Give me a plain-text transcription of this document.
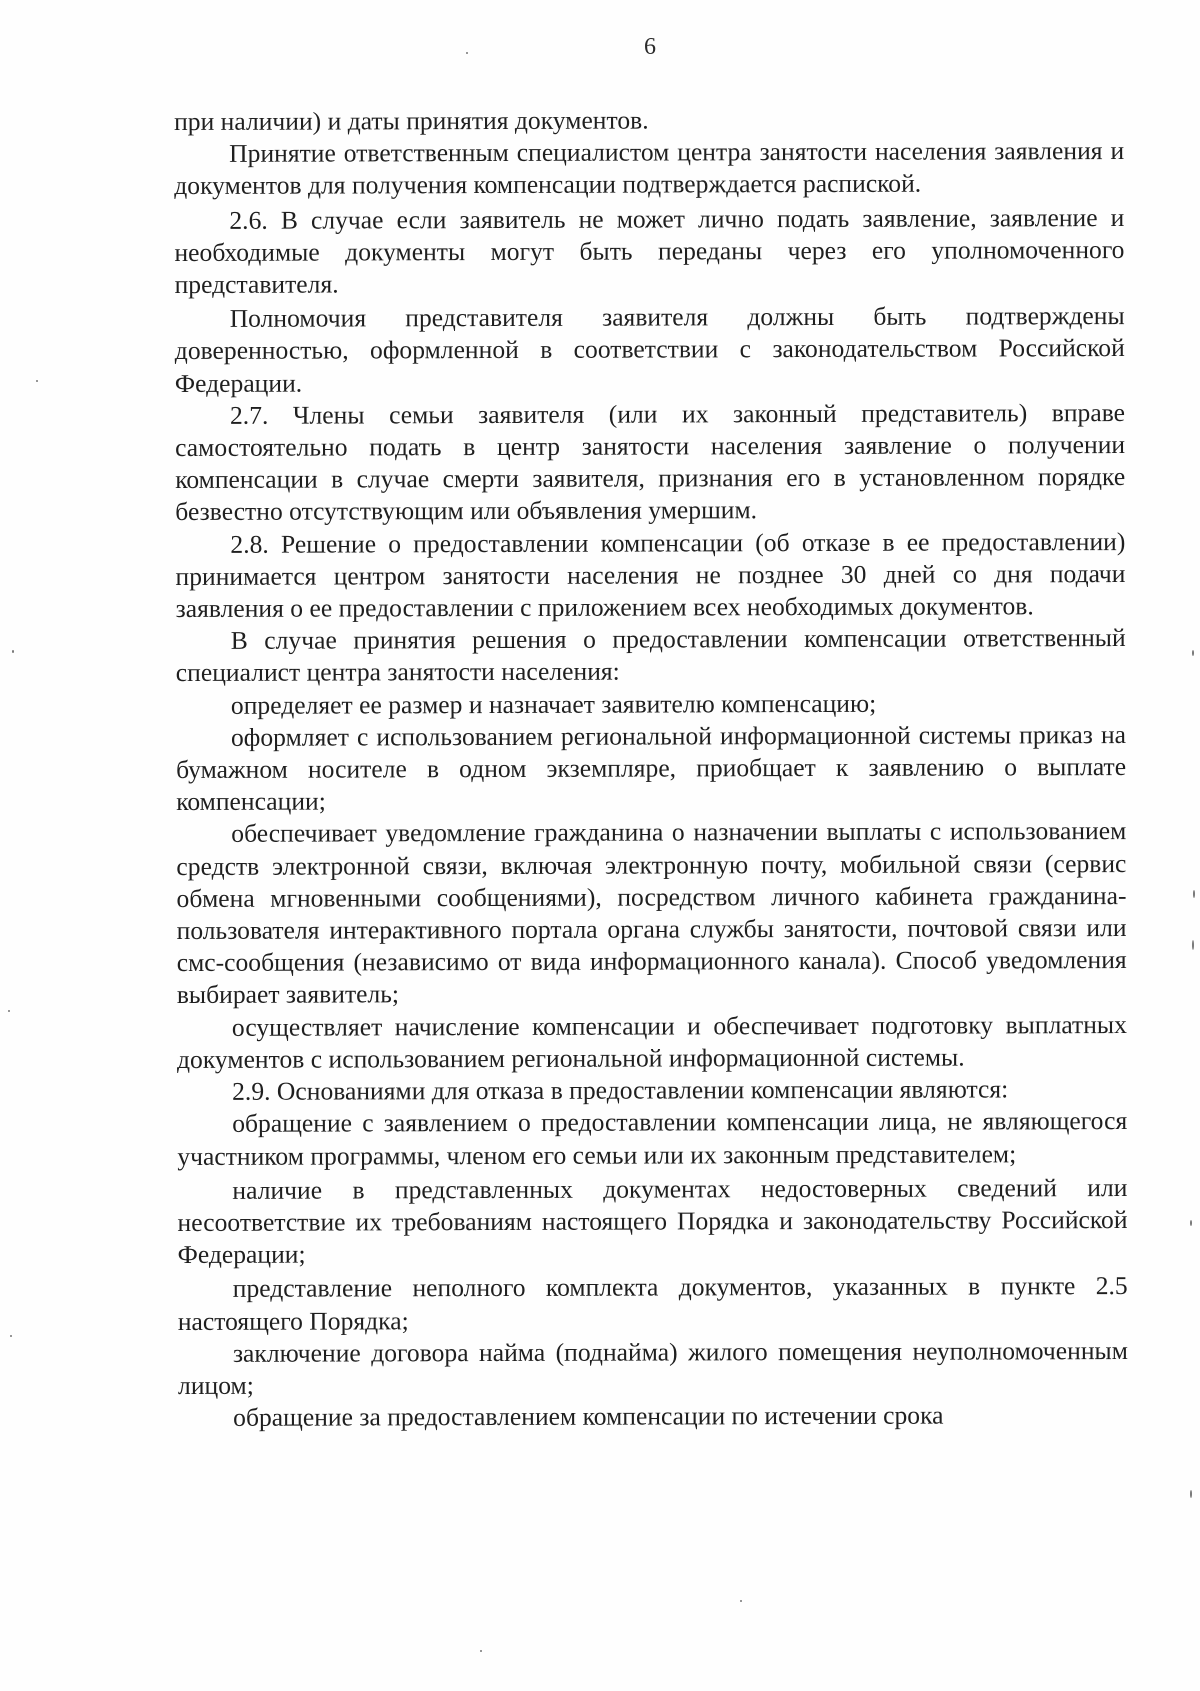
6

при наличии) и даты принятия документов.

Принятие ответственным специалистом центра занятости населения заявления и документов для получения компенсации подтверждается распиской.

2.6. В случае если заявитель не может лично подать заявление, заявление и необходимые документы могут быть переданы через его уполномоченного представителя.

Полномочия представителя заявителя должны быть подтверждены доверенностью, оформленной в соответствии с законодательством Российской Федерации.

2.7. Члены семьи заявителя (или их законный представитель) вправе самостоятельно подать в центр занятости населения заявление о получении компенсации в случае смерти заявителя, признания его в установленном порядке безвестно отсутствующим или объявления умершим.

2.8. Решение о предоставлении компенсации (об отказе в ее предоставлении) принимается центром занятости населения не позднее 30 дней со дня подачи заявления о ее предоставлении с приложением всех необходимых документов.

В случае принятия решения о предоставлении компенсации ответственный специалист центра занятости населения:

определяет ее размер и назначает заявителю компенсацию;

оформляет с использованием региональной информационной системы приказ на бумажном носителе в одном экземпляре, приобщает к заявлению о выплате компенсации;

обеспечивает уведомление гражданина о назначении выплаты с использованием средств электронной связи, включая электронную почту, мобильной связи (сервис обмена мгновенными сообщениями), посредством личного кабинета гражданина-пользователя интерактивного портала органа службы занятости, почтовой связи или смс-сообщения (независимо от вида информационного канала). Способ уведомления выбирает заявитель;

осуществляет начисление компенсации и обеспечивает подготовку выплатных документов с использованием региональной информационной системы.

2.9. Основаниями для отказа в предоставлении компенсации являются:

обращение с заявлением о предоставлении компенсации лица, не являющегося участником программы, членом его семьи или их законным представителем;

наличие в представленных документах недостоверных сведений или несоответствие их требованиям настоящего Порядка и законодательству Российской Федерации;

представление неполного комплекта документов, указанных в пункте 2.5 настоящего Порядка;

заключение договора найма (поднайма) жилого помещения неуполномоченным лицом;

обращение за предоставлением компенсации по истечении срока
